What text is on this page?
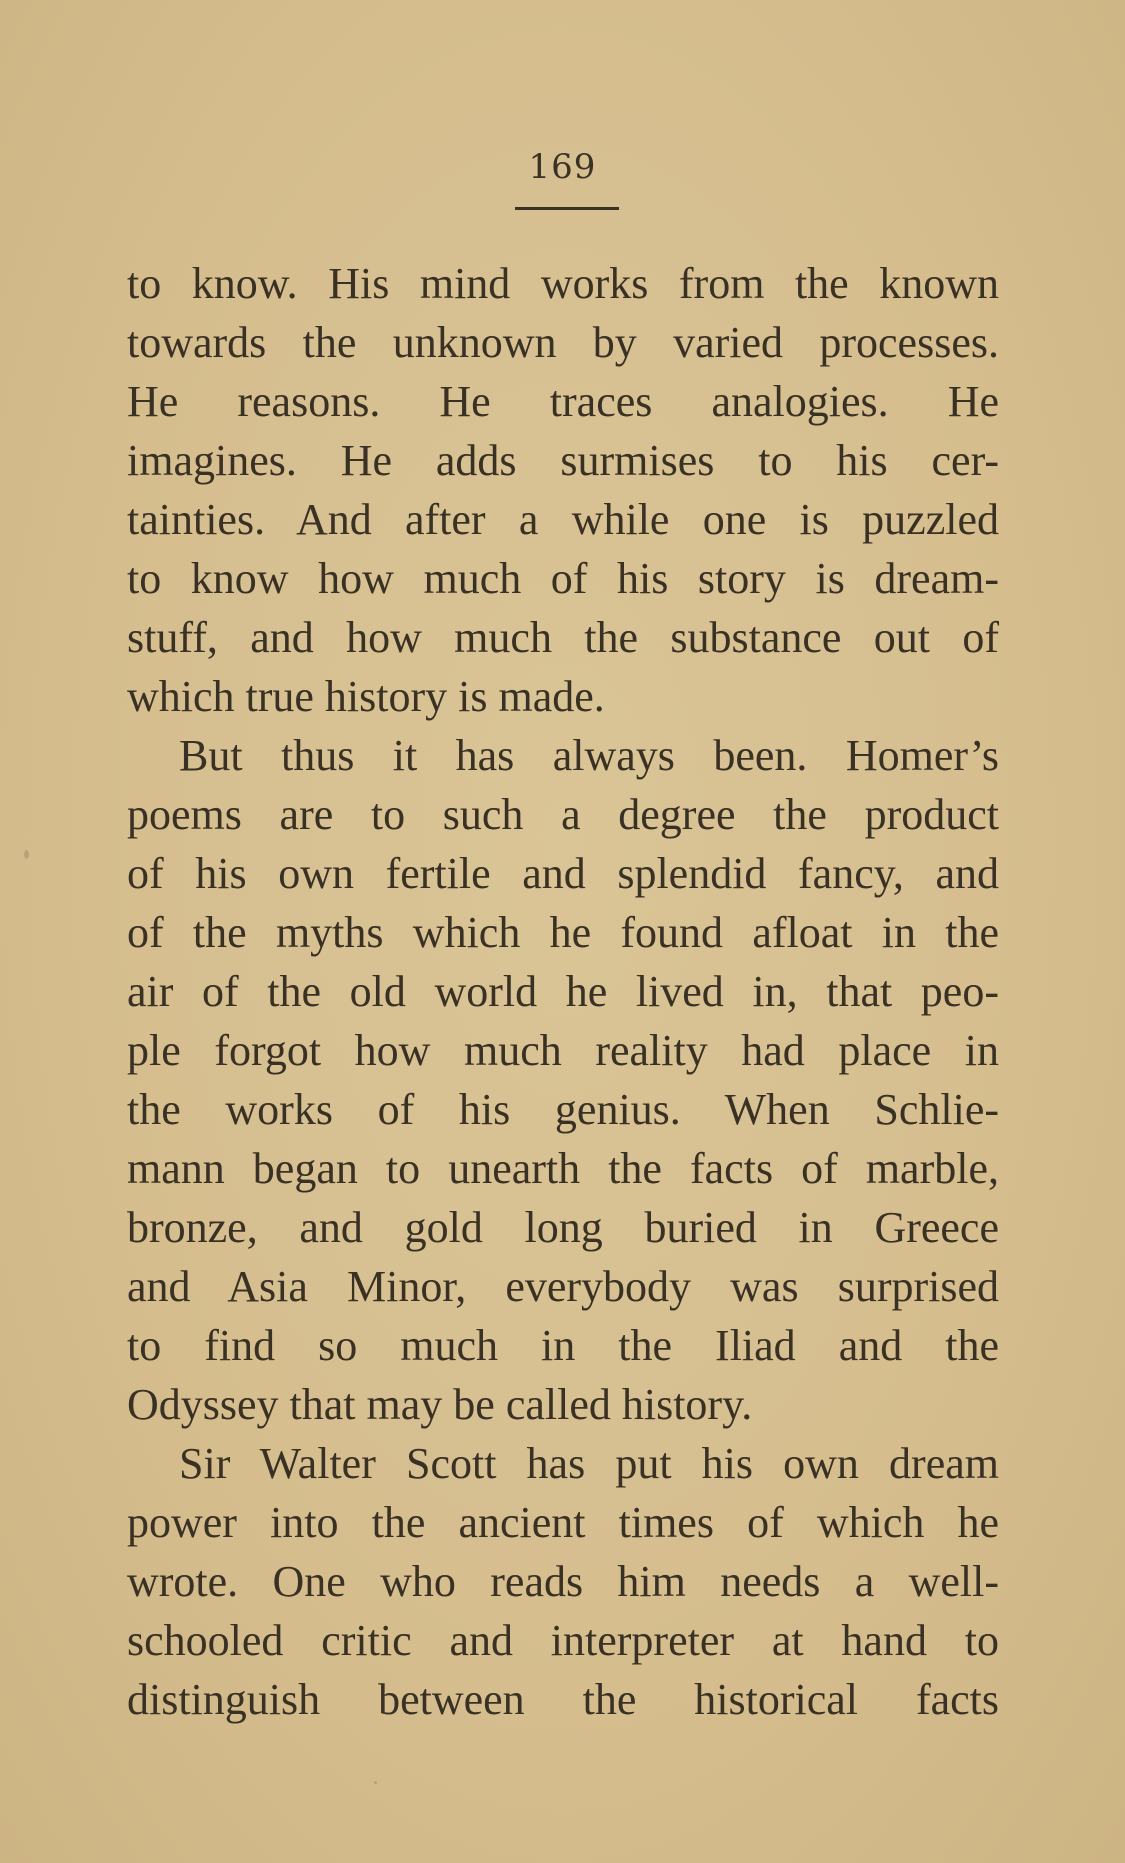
169
to know. His mind works from the known
towards the unknown by varied processes.
He reasons. He traces analogies. He
imagines. He adds surmises to his cer-
tainties. And after a while one is puzzled
to know how much of his story is dream-
stuff, and how much the substance out of
which true history is made.
But thus it has always been. Homer’s
poems are to such a degree the product
of his own fertile and splendid fancy, and
of the myths which he found afloat in the
air of the old world he lived in, that peo-
ple forgot how much reality had place in
the works of his genius. When Schlie-
mann began to unearth the facts of marble,
bronze, and gold long buried in Greece
and Asia Minor, everybody was surprised
to find so much in the Iliad and the
Odyssey that may be called history.
Sir Walter Scott has put his own dream
power into the ancient times of which he
wrote. One who reads him needs a well-
schooled critic and interpreter at hand to
distinguish between the historical facts
